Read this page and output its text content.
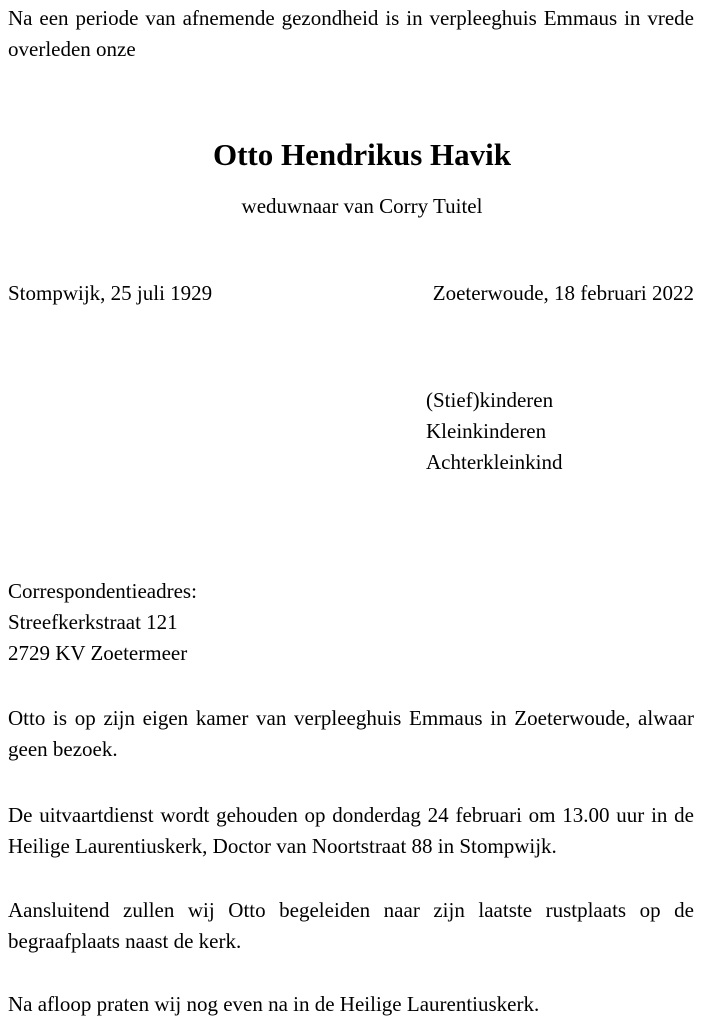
Na een periode van afnemende gezondheid is in verpleeghuis Emmaus in vrede overleden onze

Otto Hendrikus Havik
weduwnaar van Corry Tuitel
Stompwijk, 25 juli 1929	Zoeterwoude, 18 februari 2022
(Stief)kinderen
Kleinkinderen
Achterkleinkind
Correspondentieadres:
Streefkerkstraat 121
2729 KV Zoetermeer

Otto is op zijn eigen kamer van verpleeghuis Emmaus in Zoeterwoude, alwaar geen bezoek.

De uitvaartdienst wordt gehouden op donderdag 24 februari om 13.00 uur in de Heilige Laurentiuskerk, Doctor van Noortstraat 88 in Stompwijk.

Aansluitend zullen wij Otto begeleiden naar zijn laatste rustplaats op de begraafplaats naast de kerk.

Na afloop praten wij nog even na in de Heilige Laurentiuskerk.
